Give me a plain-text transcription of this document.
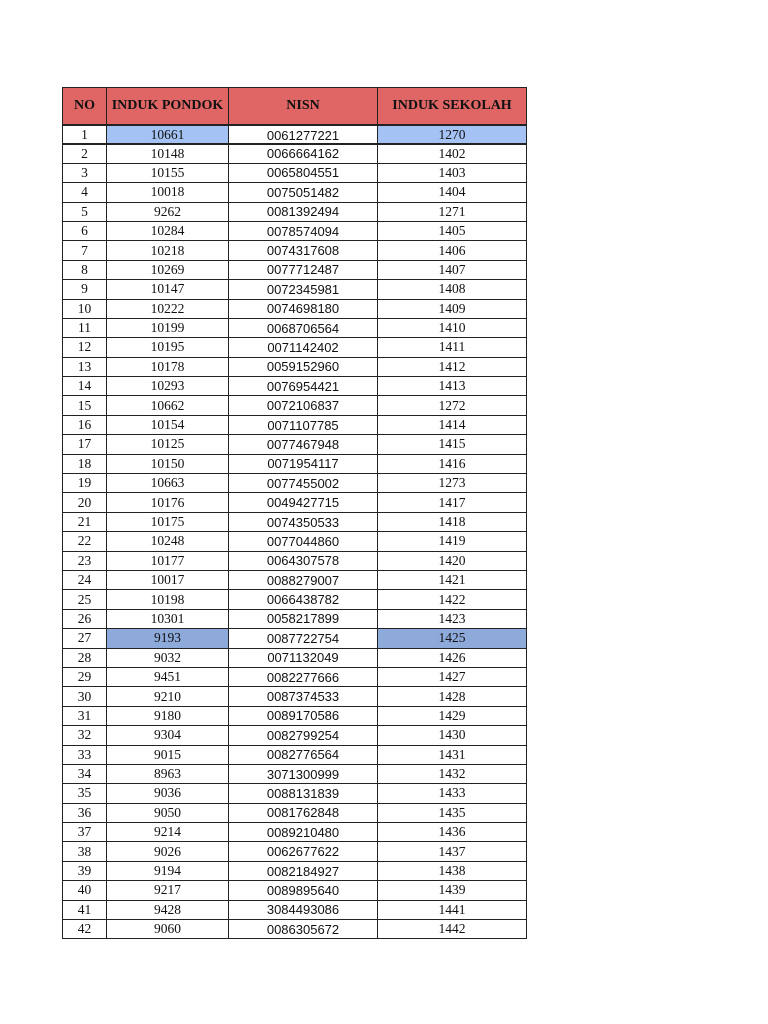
NO	INDUK PONDOK	NISN	INDUK SEKOLAH
1	10661	0061277221	1270
2	10148	0066664162	1402
3	10155	0065804551	1403
4	10018	0075051482	1404
5	9262	0081392494	1271
6	10284	0078574094	1405
7	10218	0074317608	1406
8	10269	0077712487	1407
9	10147	0072345981	1408
10	10222	0074698180	1409
11	10199	0068706564	1410
12	10195	0071142402	1411
13	10178	0059152960	1412
14	10293	0076954421	1413
15	10662	0072106837	1272
16	10154	0071107785	1414
17	10125	0077467948	1415
18	10150	0071954117	1416
19	10663	0077455002	1273
20	10176	0049427715	1417
21	10175	0074350533	1418
22	10248	0077044860	1419
23	10177	0064307578	1420
24	10017	0088279007	1421
25	10198	0066438782	1422
26	10301	0058217899	1423
27	9193	0087722754	1425
28	9032	0071132049	1426
29	9451	0082277666	1427
30	9210	0087374533	1428
31	9180	0089170586	1429
32	9304	0082799254	1430
33	9015	0082776564	1431
34	8963	3071300999	1432
35	9036	0088131839	1433
36	9050	0081762848	1435
37	9214	0089210480	1436
38	9026	0062677622	1437
39	9194	0082184927	1438
40	9217	0089895640	1439
41	9428	3084493086	1441
42	9060	0086305672	1442
